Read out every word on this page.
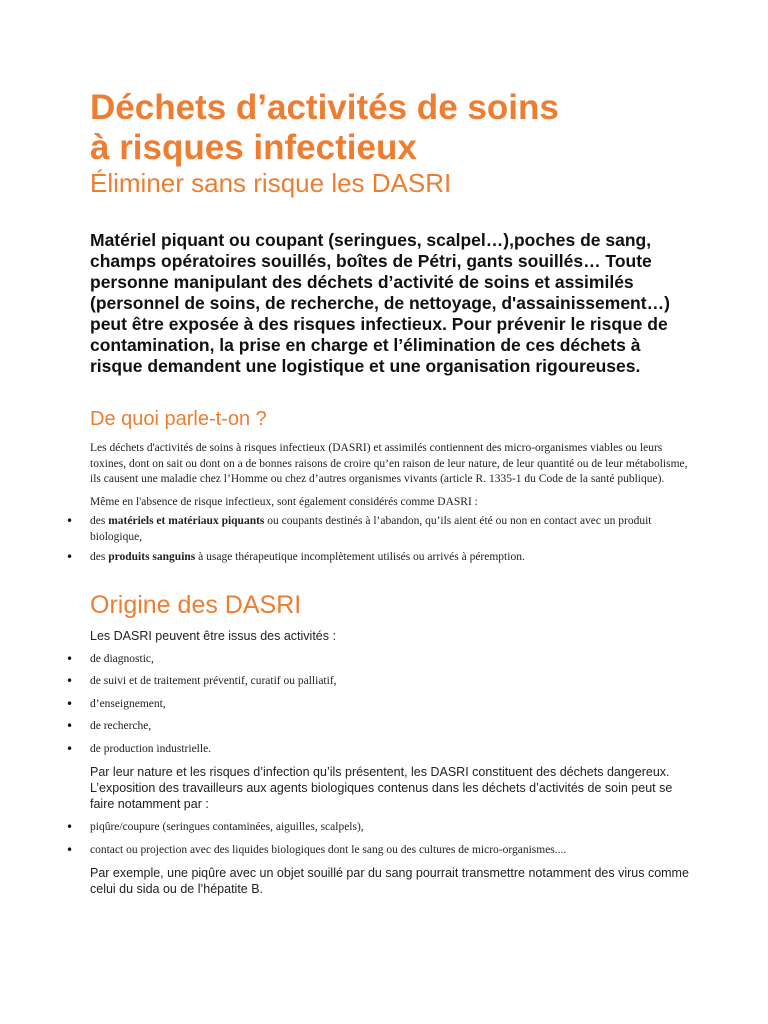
Déchets d’activités de soins
à risques infectieux
Éliminer sans risque les DASRI

Matériel piquant ou coupant (seringues, scalpel…),poches de sang, champs opératoires souillés, boîtes de Pétri, gants souillés… Toute personne manipulant des déchets d’activité de soins et assimilés (personnel de soins, de recherche, de nettoyage, d'assainissement…) peut être exposée à des risques infectieux. Pour prévenir le risque de contamination, la prise en charge et l’élimination de ces déchets à risque demandent une logistique et une organisation rigoureuses.

De quoi parle-t-on ?

Les déchets d'activités de soins à risques infectieux (DASRI) et assimilés contiennent des micro-organismes viables ou leurs toxines, dont on sait ou dont on a de bonnes raisons de croire qu’en raison de leur nature, de leur quantité ou de leur métabolisme, ils causent une maladie chez l’Homme ou chez d’autres organismes vivants (article R. 1335-1 du Code de la santé publique).

Même en l'absence de risque infectieux, sont également considérés comme DASRI :

• des matériels et matériaux piquants ou coupants destinés à l’abandon, qu’ils aient été ou non en contact avec un produit biologique,
• des produits sanguins à usage thérapeutique incomplètement utilisés ou arrivés à péremption.
Origine des DASRI

Les DASRI peuvent être issus des activités :

• de diagnostic,
• de suivi et de traitement préventif, curatif ou palliatif,
• d’enseignement,
• de recherche,
• de production industrielle.

Par leur nature et les risques d’infection qu’ils présentent, les DASRI constituent des déchets dangereux. L’exposition des travailleurs aux agents biologiques contenus dans les déchets d’activités de soin peut se faire notamment par :

• piqûre/coupure (seringues contaminées, aiguilles, scalpels),
• contact ou projection avec des liquides biologiques dont le sang ou des cultures de micro-organismes....

Par exemple, une piqûre avec un objet souillé par du sang pourrait transmettre notamment des virus comme celui du sida ou de l’hépatite B.
